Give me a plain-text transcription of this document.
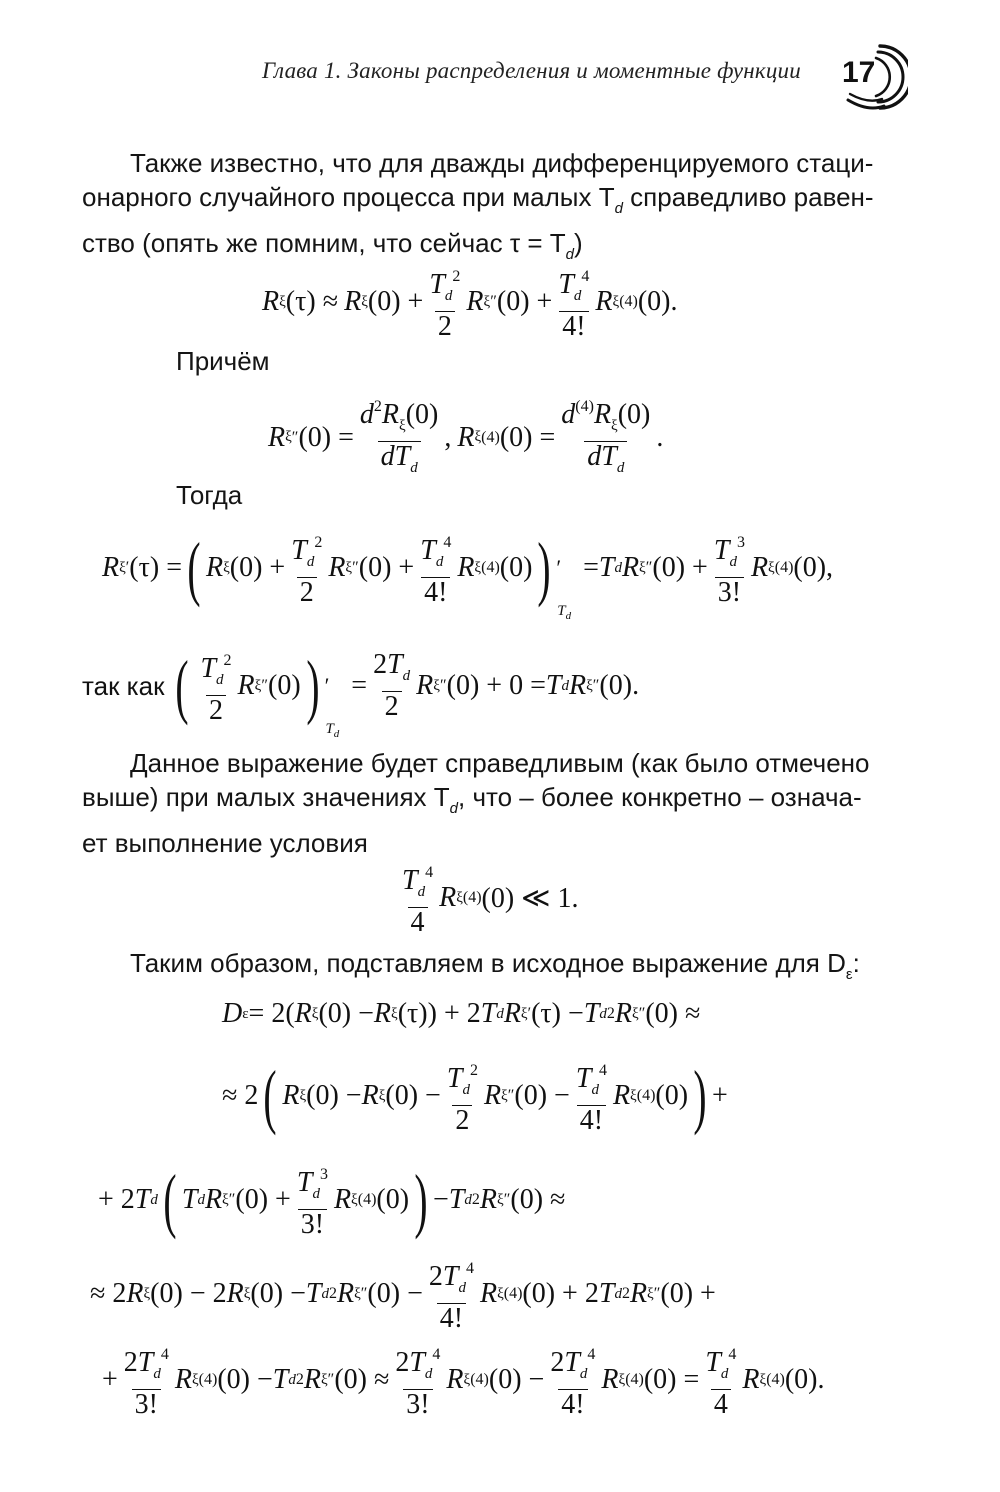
Глава 1. Законы распределения и моментные функции 17

Также известно, что для дважды дифференцируемого стаци-

онарного случайного процесса при малых $T_d$ справедливо равен-

ство (опять же помним, что сейчас $\tau = T_d$)

R ξ (τ) ≈ R ξ $(0) + \frac{T_d^2}{2}$ R ξ ″ $(0) + \frac{T_d^4}{4!}$ R ξ (4) (0).
Причём
R ξ ″ $(0) = \frac{d^2R_\xi(0)}{dT_d}$ , R ξ (4) $(0) = \frac{d^{(4)}R_\xi(0)}{dT_d}$ .
Тогда
R ξ ′ (τ) = ( R ξ $(0) + \frac{T_d^2}{2}$ R ξ ″ $(0) + \frac{T_d^4}{4!}$ R ξ (4) (0) ) ′
$T_d$
= T d R ξ ″ $(0) + \frac{T_d^3}{3!}$ R ξ (4) (0),
так как ( $\frac{T_d^2}{2}$ R ξ ″ (0) ) ′
$T_d$
= $\frac{2T_d}{2}$ R ξ ″ (0) + 0 = T d R ξ ″ (0).

Данное выражение будет справедливым (как было отмечено

выше) при малых значениях $T_d$, что – более конкретно – означа-

ет выполнение условия

$\frac{T_d^4}{4}$ R ξ (4) (0) ≪ 1.

Таким образом, подставляем в исходное выражение для $D_\varepsilon$:

D ε = 2( R ξ (0) − R ξ (τ)) + 2 T d R ξ ′ (τ) − T d 2 R ξ ″ (0) ≈
≈ 2 ( R ξ (0) − R ξ $(0) - \frac{T_d^2}{2}$ R ξ ″ $(0) - \frac{T_d^4}{4!}$ R ξ (4) (0) ) +
+ 2 T d ( T d R ξ ″ $(0) + \frac{T_d^3}{3!}$ R ξ (4) (0) ) − T d 2 R ξ ″ (0) ≈
≈ 2 R ξ (0) − 2 R ξ (0) − T d 2 R ξ ″ $(0) - \frac{2T_d^4}{4!}$ R ξ (4) (0) + 2 T d 2 R ξ ″ (0) +
+ $\frac{2T_d^4}{3!}$ R ξ (4) (0) − T d 2 R ξ ″ $(0) \approx \frac{2T_d^4}{3!}$ R ξ (4) $(0) - \frac{2T_d^4}{4!}$ R ξ (4) $(0) = \frac{T_d^4}{4}$ R ξ (4) (0).
